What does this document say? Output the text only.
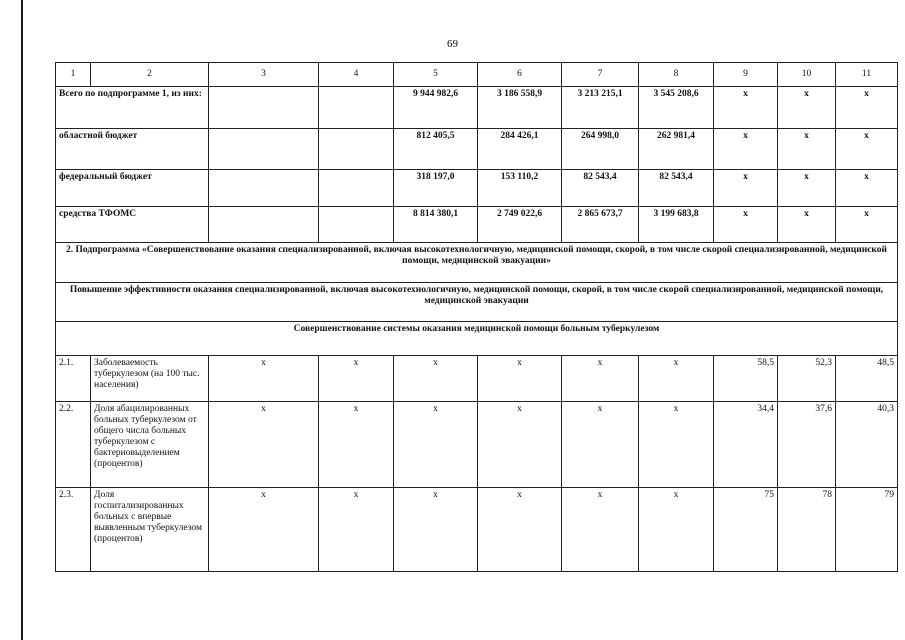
69
1	2	3	4	5	6	7	8	9	10	11
Всего по подпрограмме 1, из них:				9 944 982,6	3 186 558,9	3 213 215,1	3 545 208,6	x	x	x
областной бюджет				812 405,5	284 426,1	264 998,0	262 981,4	x	x	x
федеральный бюджет				318 197,0	153 110,2	82 543,4	82 543,4	x	x	x
средства ТФОМС				8 814 380,1	2 749 022,6	2 865 673,7	3 199 683,8	x	x	x
2. Подпрограмма «Совершенствование оказания специализированной, включая высокотехнологичную, медицинской помощи, скорой, в том числе скорой специализированной, медицинской помощи, медицинской эвакуации»										
Повышение эффективности оказания специализированной, включая высокотехнологичную, медицинской помощи, скорой, в том числе скорой специализированной, медицинской помощи, медицинской эвакуации										
Совершенствование системы оказания медицинской помощи больным туберкулезом										
2.1.	Заболеваемость туберкулезом (на 100 тыс. населения)	x	x	x	x	x	x	58,5	52,3	48,5
2.2.	Доля абацилированных больных туберкулезом от общего числа больных туберкулезом с бактериовыделением (процентов)	x	x	x	x	x	x	34,4	37,6	40,3
2.3.	Доля госпитализированных больных с впервые выявленным туберкулезом (процентов)	x	x	x	x	x	x	75	78	79
